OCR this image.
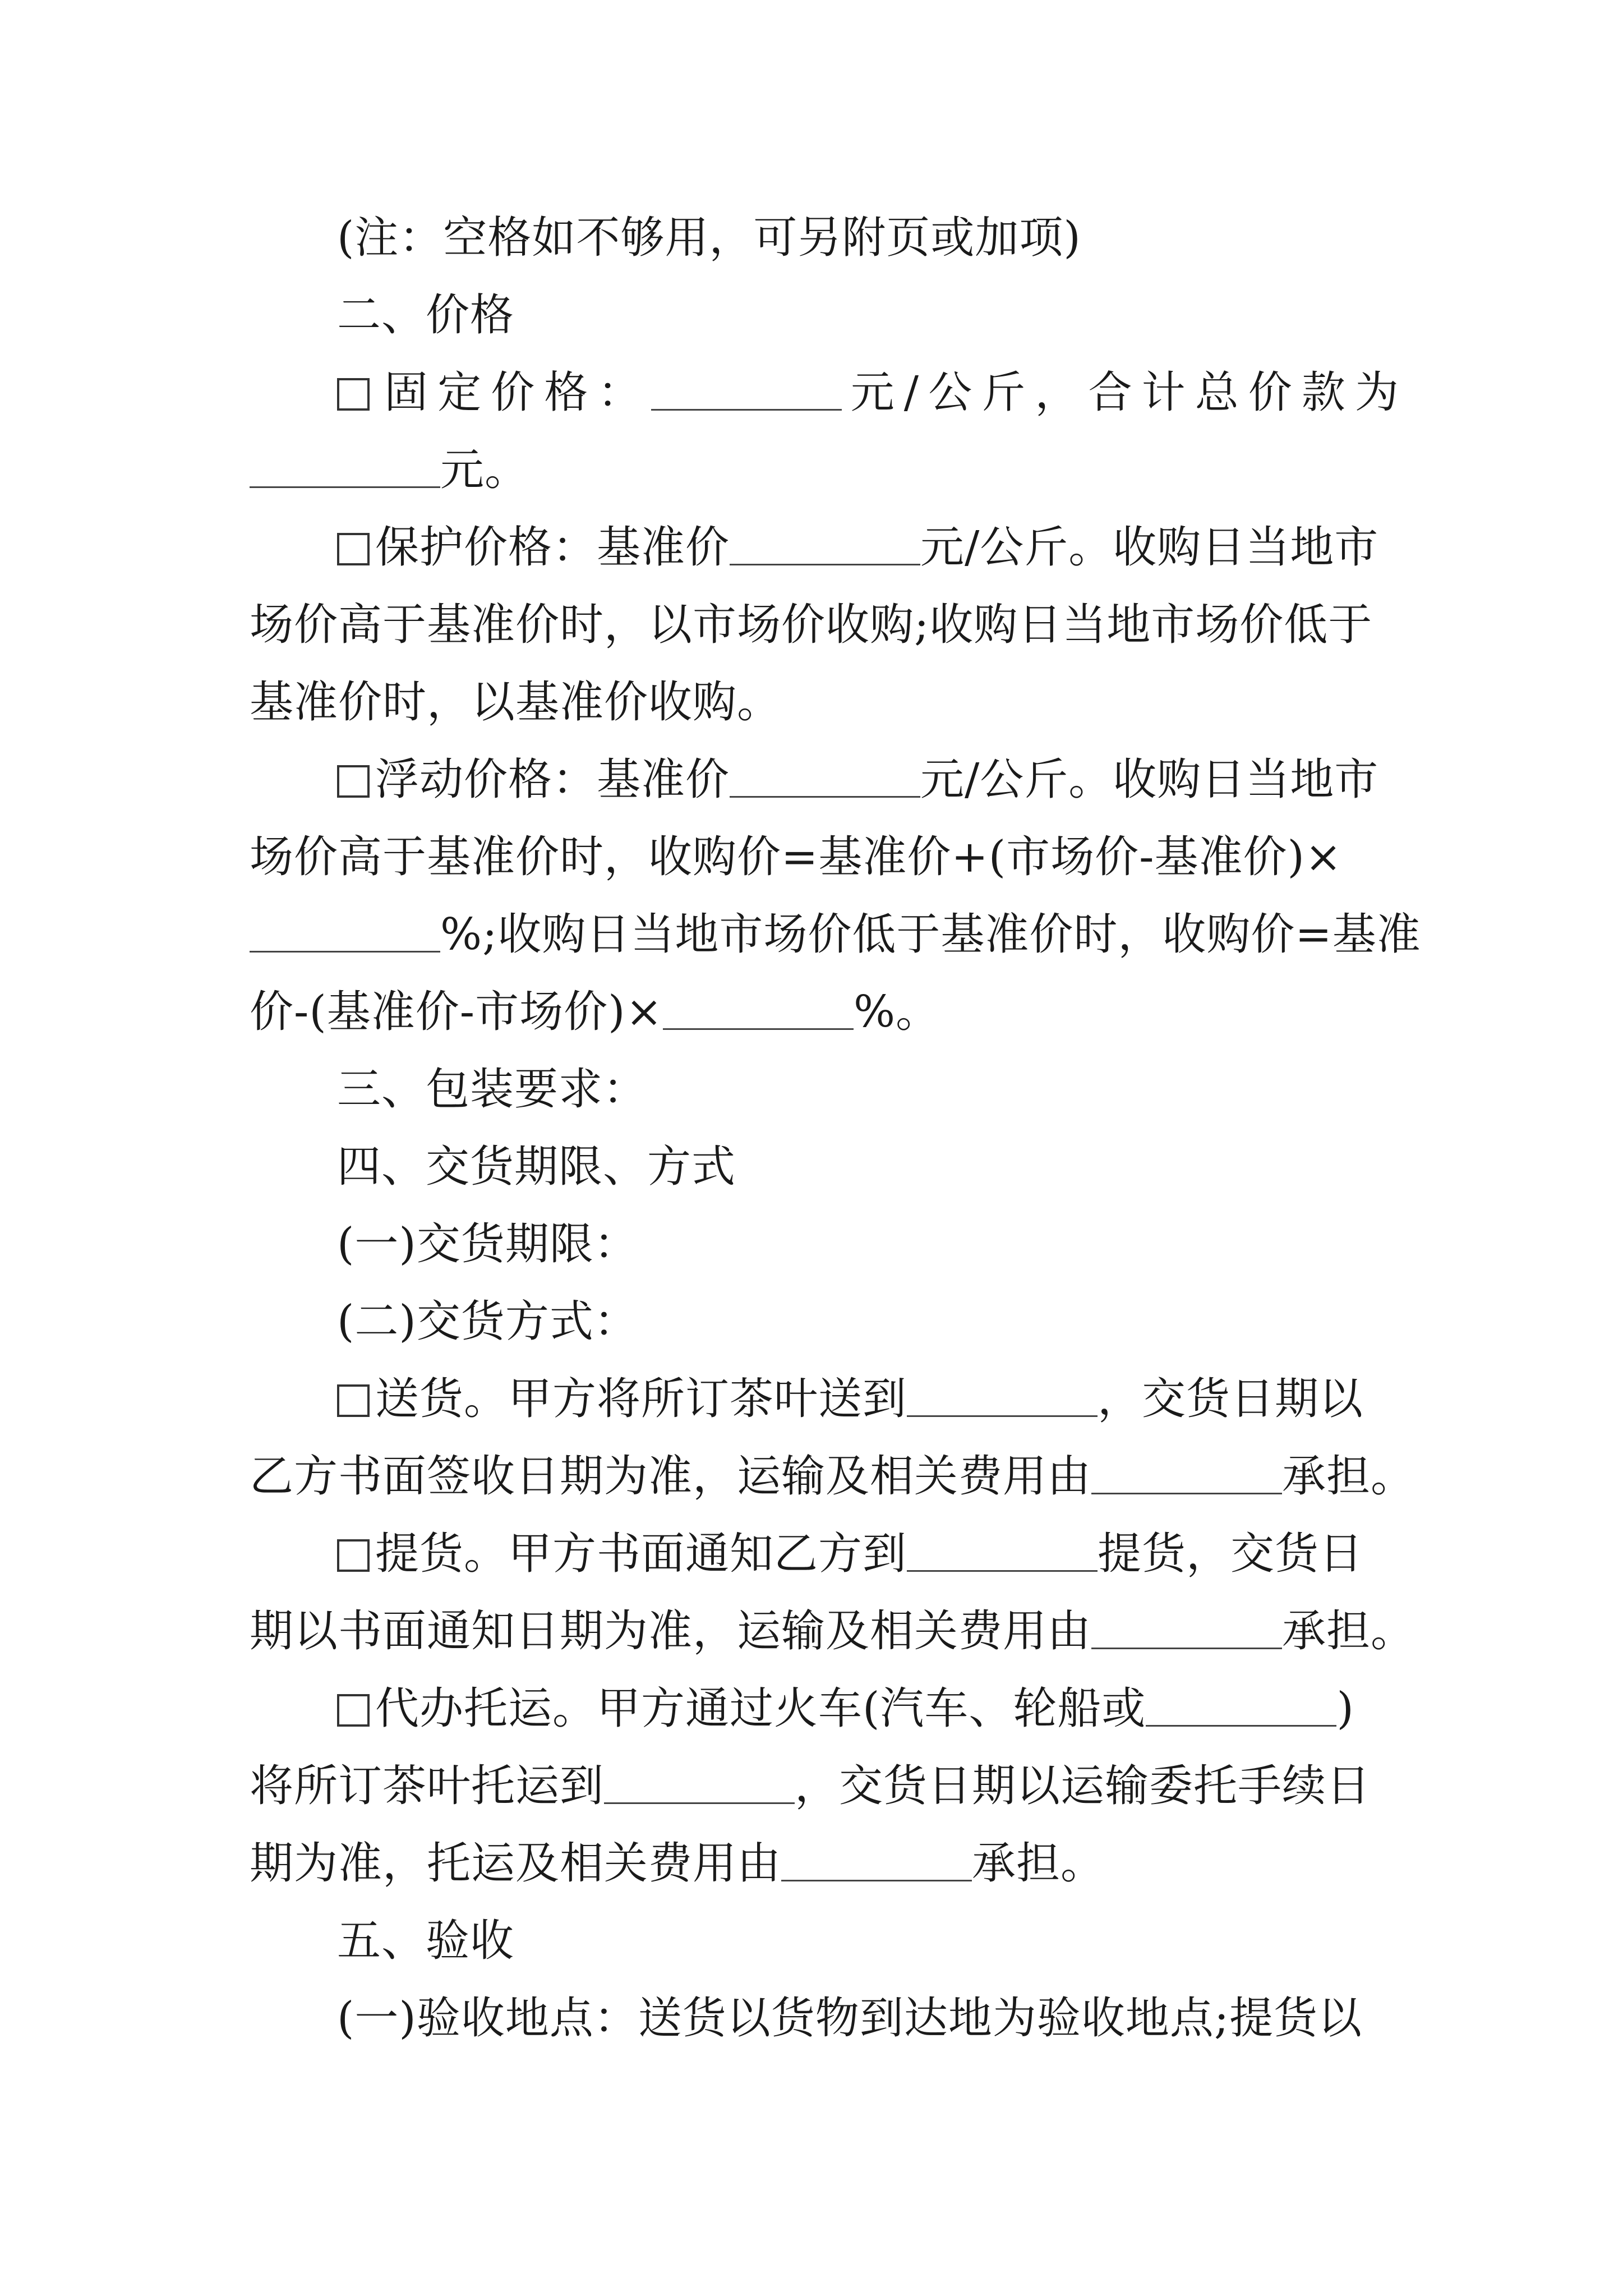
(注：空格如不够用，可另附页或加项)
二、价格
固定价格：	元/公斤，合计总价款为
元。
保护价格：基准价	元/公斤。收购日当地市
场价高于基准价时，以市场价收购;收购日当地市场价低于
基准价时，以基准价收购。
浮动价格：基准价	元/公斤。收购日当地市
场价高于基准价时，收购价=基准价+(市场价-基准价)×
%;收购日当地市场价低于基准价时，收购价=基准
价-(基准价-市场价)×	%。
三、包装要求：
四、交货期限、方式
(一)交货期限：
(二)交货方式：
送货。甲方将所订茶叶送到	，交货日期以
乙方书面签收日期为准，运输及相关费用由	承担。
提货。甲方书面通知乙方到	提货，交货日
期以书面通知日期为准，运输及相关费用由	承担。
代办托运。甲方通过火车(汽车、轮船或	)
将所订茶叶托运到	，交货日期以运输委托手续日
期为准，托运及相关费用由	承担。
五、验收
(一)验收地点：送货以货物到达地为验收地点;提货以
